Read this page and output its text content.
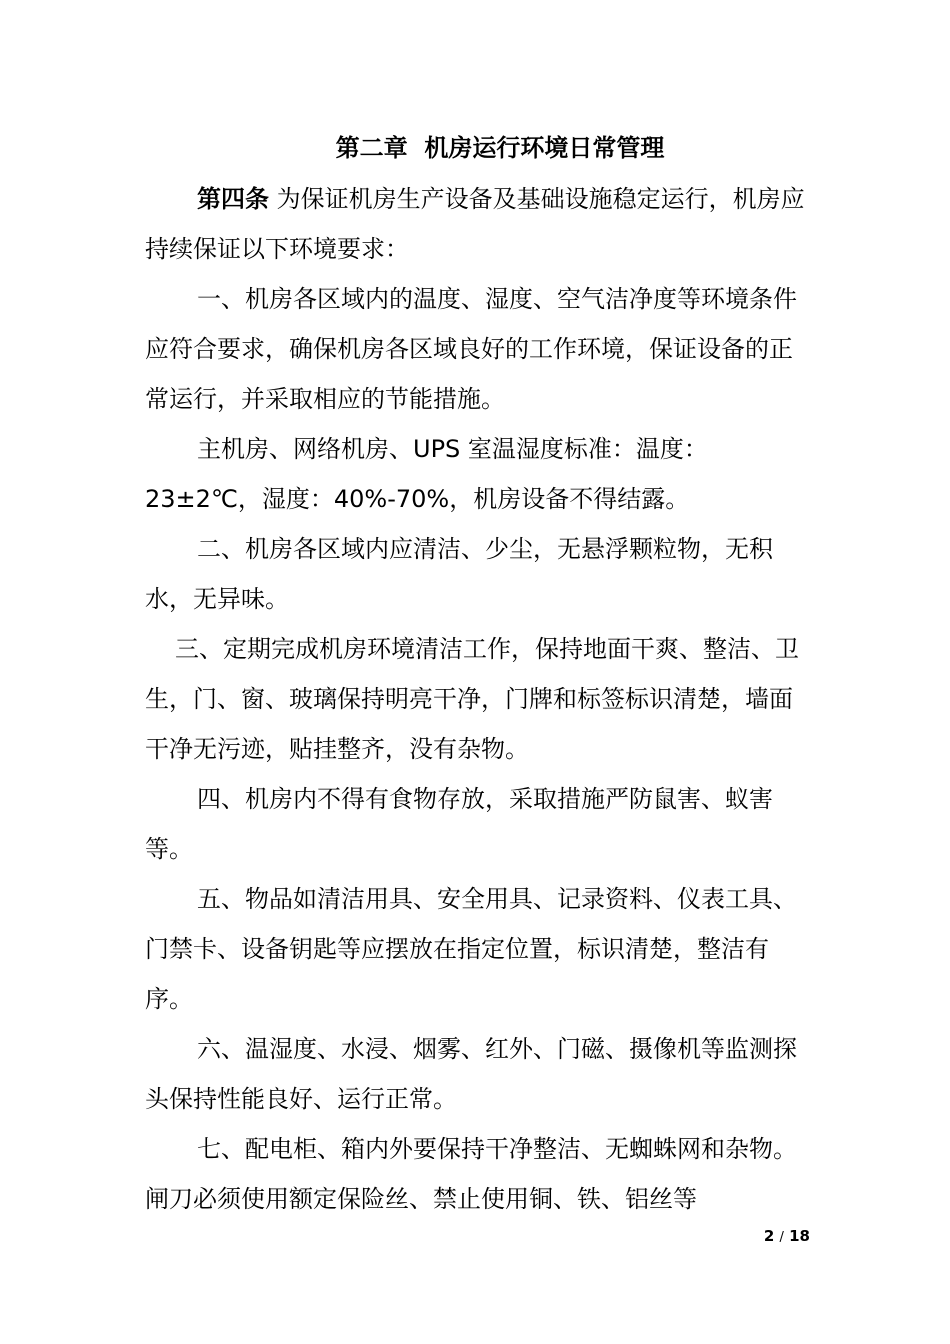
第二章  机房运行环境日常管理

第四条 为保证机房生产设备及基础设施稳定运行，机房应持续保证以下环境要求：

一、机房各区域内的温度、湿度、空气洁净度等环境条件应符合要求，确保机房各区域良好的工作环境，保证设备的正常运行，并采取相应的节能措施。

主机房、网络机房、UPS 室温湿度标准：温度：23±2℃，湿度：40%-70%，机房设备不得结露。

二、机房各区域内应清洁、少尘，无悬浮颗粒物，无积水，无异味。

三、定期完成机房环境清洁工作，保持地面干爽、整洁、卫生，门、窗、玻璃保持明亮干净，门牌和标签标识清楚，墙面干净无污迹，贴挂整齐，没有杂物。

四、机房内不得有食物存放，采取措施严防鼠害、蚁害等。

五、物品如清洁用具、安全用具、记录资料、仪表工具、门禁卡、设备钥匙等应摆放在指定位置，标识清楚，整洁有序。

六、温湿度、水浸、烟雾、红外、门磁、摄像机等监测探头保持性能良好、运行正常。

七、配电柜、箱内外要保持干净整洁、无蜘蛛网和杂物。闸刀必须使用额定保险丝、禁止使用铜、铁、铝丝等

2 / 18
